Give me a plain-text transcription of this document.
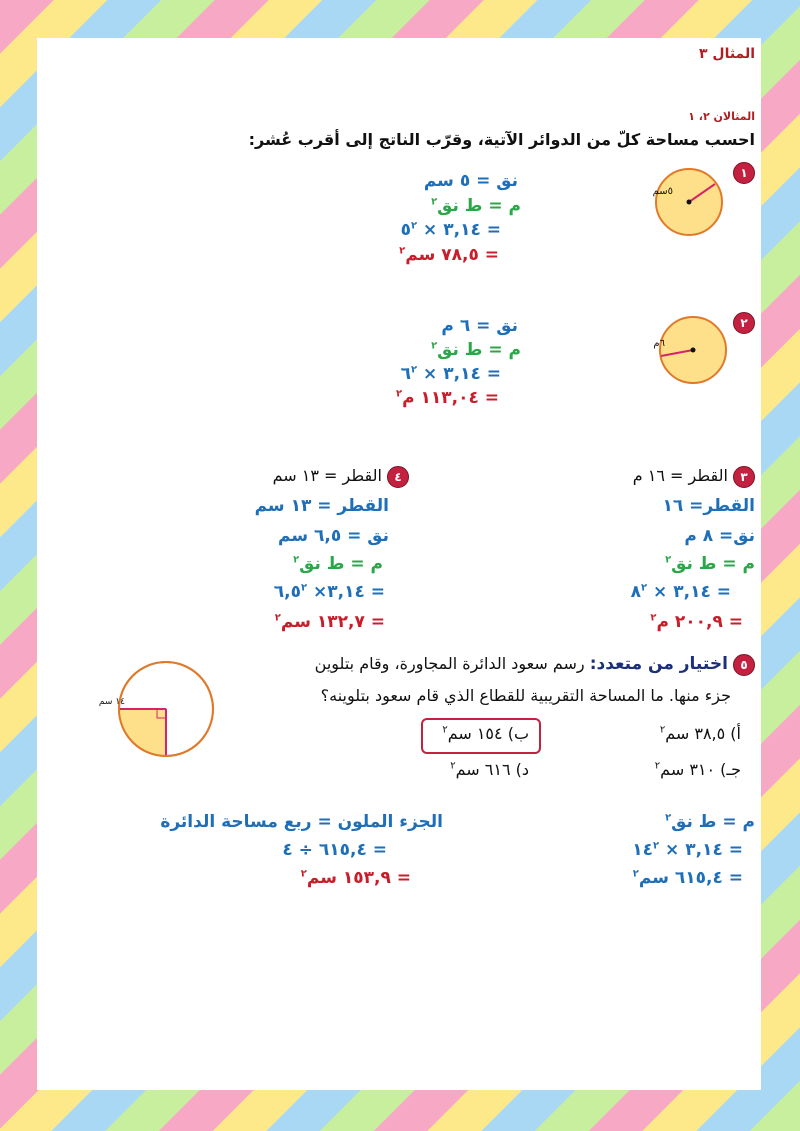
المثال ٣
المثالان ٢، ١
احسب مساحة كلّ من الدوائر الآتية، وقرّب الناتج إلى أقرب عُشر:
١
٥سم
نق = ٥ سم
م = ط نق$^٢$
= ٣,١٤ × $٥^٢$
= ٧٨,٥ سم$^٢$
٢
٦م
نق = ٦ م
م = ط نق$^٢$
= ٣,١٤ × $٦^٢$
= ١١٣,٠٤ م$^٢$
٣ القطر = ١٦ م
القطر= ١٦
نق= ٨ م
م = ط نق$^٢$
= ٣,١٤ × $٨^٢$
= ٢٠٠,٩ م$^٢$
٤ القطر = ١٣ سم
القطر = ١٣ سم
نق = ٦,٥ سم
م = ط نق$^٢$
= ٣,١٤× $٦,٥^٢$
= ١٣٢,٧ سم$^٢$
٥ اختيار من متعدد: رسم سعود الدائرة المجاورة، وقام بتلوين
جزء منها. ما المساحة التقريبية للقطاع الذي قام سعود بتلوينه؟
١٤ سم
أ) ٣٨,٥ سم$^٢$
ب) ١٥٤ سم$^٢$
جـ) ٣١٠ سم$^٢$
د) ٦١٦ سم$^٢$
م = ط نق$^٢$
= ٣,١٤ × $١٤^٢$
= ٦١٥,٤ سم$^٢$
الجزء الملون = ربع مساحة الدائرة
= ٦١٥,٤ ÷ ٤
= ١٥٣,٩ سم$^٢$
